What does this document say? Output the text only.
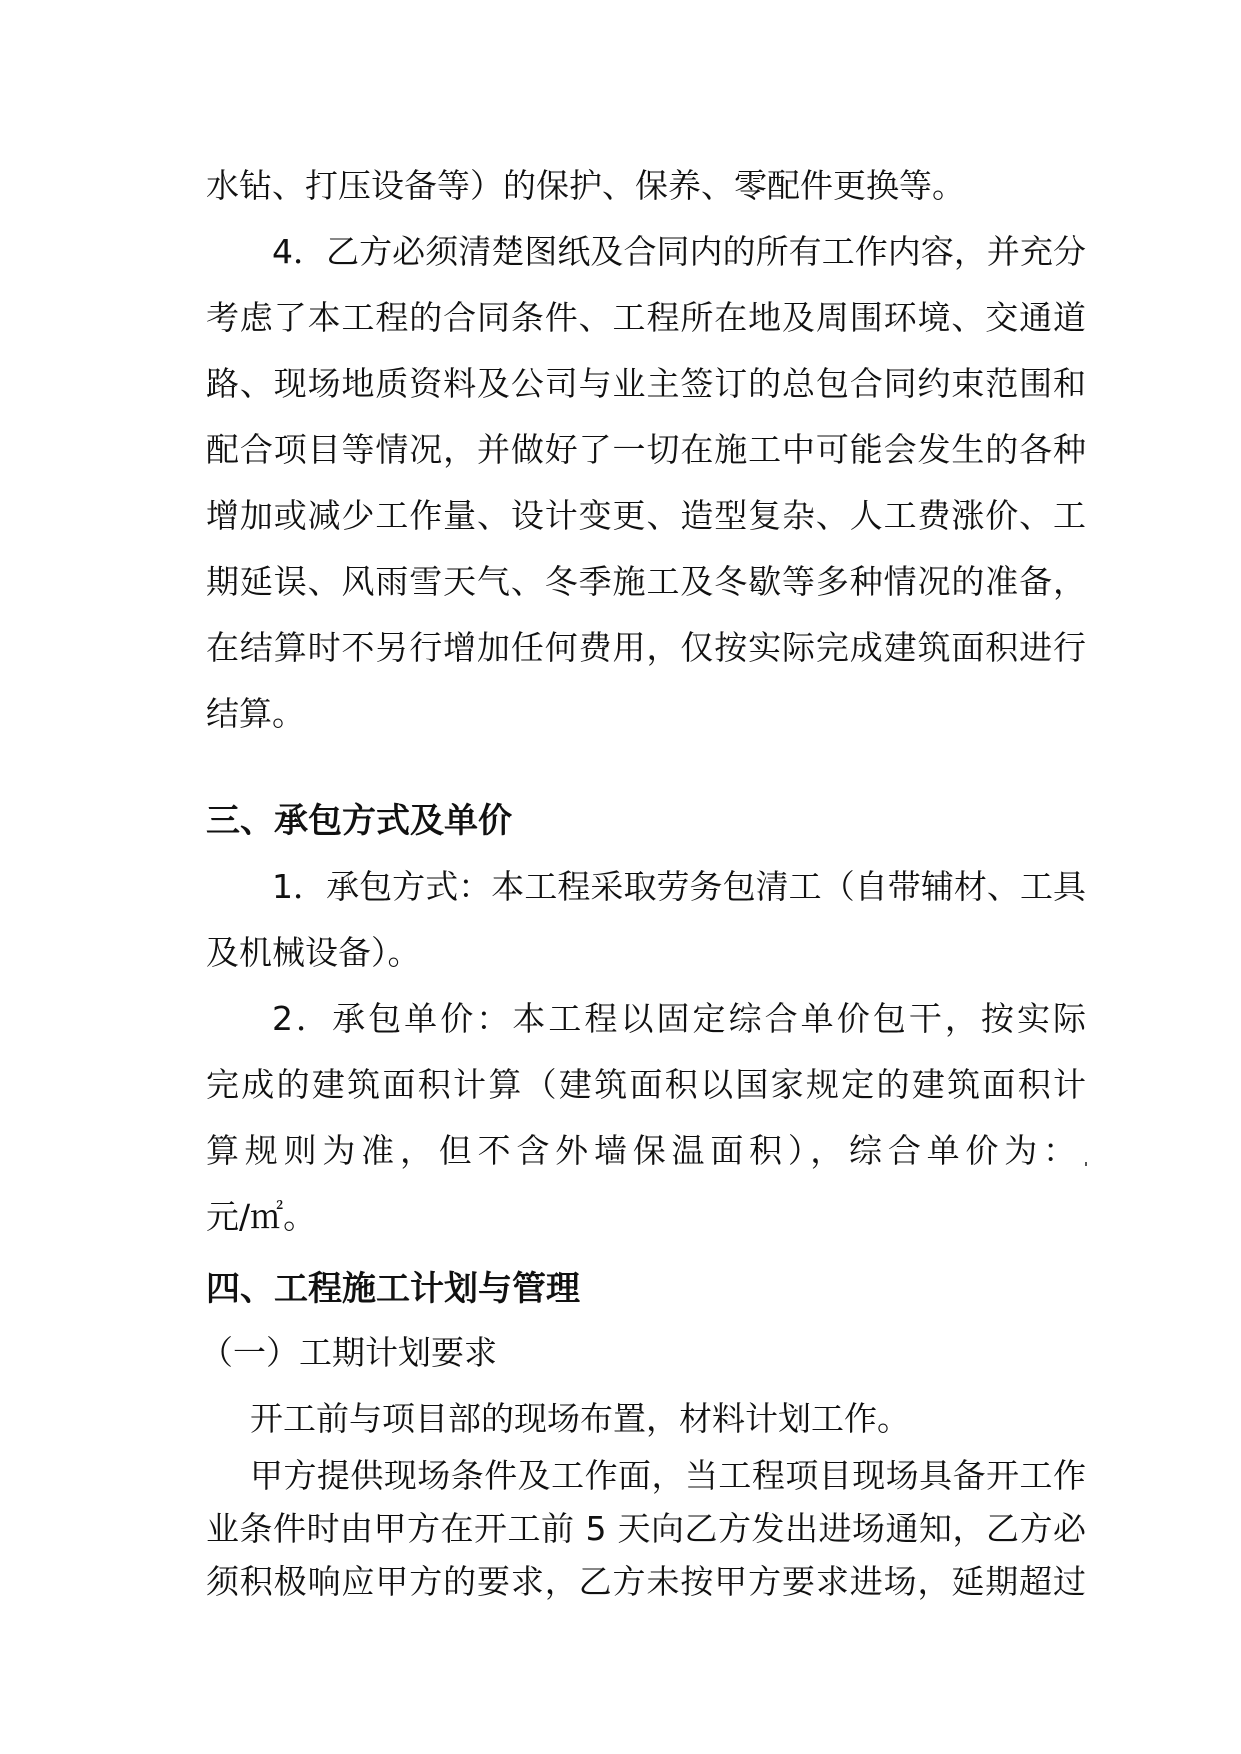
水钻、打压设备等）的保护、保养、零配件更换等。
4．乙方必须清楚图纸及合同内的所有工作内容，并充分
考虑了本工程的合同条件、工程所在地及周围环境、交通道
路、现场地质资料及公司与业主签订的总包合同约束范围和
配合项目等情况，并做好了一切在施工中可能会发生的各种
增加或减少工作量、设计变更、造型复杂、人工费涨价、工
期延误、风雨雪天气、冬季施工及冬歇等多种情况的准备，
在结算时不另行增加任何费用，仅按实际完成建筑面积进行
结算。
三、承包方式及单价
1．承包方式：本工程采取劳务包清工（自带辅材、工具
及机械设备）。
2．承包单价：本工程以固定综合单价包干，按实际
完成的建筑面积计算（建筑面积以国家规定的建筑面积计
算规则为准，但不含外墙保温面积），综合单价为：
元/㎡。
四、工程施工计划与管理
（一）工期计划要求
开工前与项目部的现场布置，材料计划工作。
甲方提供现场条件及工作面，当工程项目现场具备开工作
业条件时由甲方在开工前 5 天向乙方发出进场通知，乙方必
须积极响应甲方的要求，乙方未按甲方要求进场，延期超过
